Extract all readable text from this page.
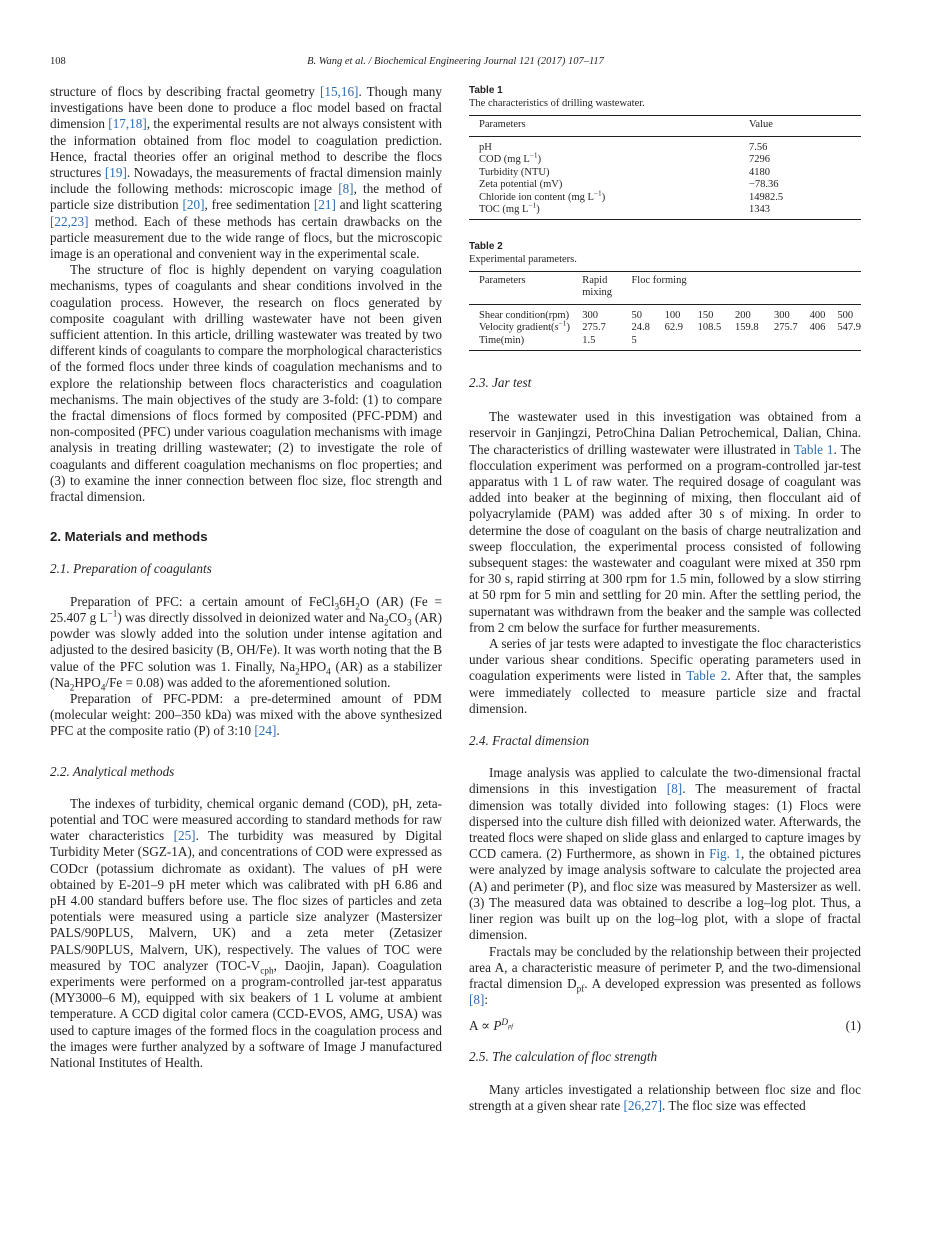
108	B. Wang et al. / Biochemical Engineering Journal 121 (2017) 107–117

structure of flocs by describing fractal geometry [15,16]. Though many investigations have been done to produce a floc model based on fractal dimension [17,18], the experimental results are not always consistent with the information obtained from floc model to coagulation prediction. Hence, fractal theories offer an original method to describe the flocs structures [19]. Nowadays, the measurements of fractal dimension mainly include the following methods: microscopic image [8], the method of particle size distribution [20], free sedimentation [21] and light scattering [22,23] method. Each of these methods has certain drawbacks on the particle measurement due to the wide range of flocs, but the microscopic image is an operational and convenient way in the experimental scale.

The structure of floc is highly dependent on varying coagulation mechanisms, types of coagulants and shear conditions involved in the coagulation process. However, the research on flocs generated by composite coagulant with drilling wastewater have not been given sufficient attention. In this article, drilling wastewater was treated by two different kinds of coagulants to compare the morphological characteristics of the formed flocs under three kinds of coagulation mechanisms and to explore the relationship between flocs characteristics and coagulation mechanisms. The main objectives of the study are 3-fold: (1) to compare the fractal dimensions of flocs formed by composited (PFC-PDM) and non-composited (PFC) under various coagulation mechanisms with image analysis in treating drilling wastewater; (2) to investigate the role of coagulants and different coagulation mechanisms on floc properties; and (3) to examine the inner connection between floc size, floc strength and fractal dimension.

2. Materials and methods
2.1. Preparation of coagulants

Preparation of PFC: a certain amount of $FeCl_36H_2O$ (AR) (Fe = 25.407 g $L^{-1}$) was directly dissolved in deionized water and $Na_2CO_3$ (AR) powder was slowly added into the solution under intense agitation and adjusted to the desired basicity (B, OH/Fe). It was worth noting that the B value of the PFC solution was 1. Finally, $Na_2HPO_4$ (AR) as a stabilizer $(Na_2HPO_4/Fe = 0.08)$ was added to the aforementioned solution.

Preparation of PFC-PDM: a pre-determined amount of PDM (molecular weight: 200–350 kDa) was mixed with the above synthesized PFC at the composite ratio (P) of 3:10 [24].

2.2. Analytical methods

The indexes of turbidity, chemical organic demand (COD), pH, zeta-potential and TOC were measured according to standard methods for raw water characteristics [25]. The turbidity was measured by Digital Turbidity Meter (SGZ-1A), and concentrations of COD were expressed as CODcr (potassium dichromate as oxidant). The values of pH were obtained by E-201–9 pH meter which was calibrated with pH 6.86 and pH 4.00 standard buffers before use. The floc sizes of particles and zeta potentials were measured using a particle size analyzer (Mastersizer PALS/90PLUS, Malvern, UK) and a zeta meter (Zetasizer PALS/90PLUS, Malvern, UK), respectively. The values of TOC were measured by TOC analyzer ($TOC-V_{cph}$, Daojin, Japan). Coagulation experiments were performed on a program-controlled jar-test apparatus (MY3000–6 M), equipped with six beakers of 1 L volume at ambient temperature. A CCD digital color camera (CCD-EVOS, AMG, USA) was used to capture images of the formed flocs in the coagulation process and the images were further analyzed by a software of Image J manufactured National Institutes of Health.

Table 1
The characteristics of drilling wastewater.
Parameters	Value
pH	7.56
COD (mg $L^{-1}$)	7296
Turbidity (NTU)	4180
Zeta potential (mV)	−78.36
Chloride ion content (mg $L^{-1}$)	14982.5
TOC (mg $L^{-1}$)	1343
Table 2
Experimental parameters.
Parameters	Rapid mixing	Floc forming						
Shear condition(rpm)	300	50	100	150	200	300	400	500
Velocity $gradient(s^{-1})$	275.7	24.8	62.9	108.5	159.8	275.7	406	547.9
Time(min)	1.5	5						
2.3. Jar test

The wastewater used in this investigation was obtained from a reservoir in Ganjingzi, PetroChina Dalian Petrochemical, Dalian, China. The characteristics of drilling wastewater were illustrated in Table 1. The flocculation experiment was performed on a program-controlled jar-test apparatus with 1 L of raw water. The required dosage of coagulant was added into beaker at the beginning of mixing, then flocculant aid of polyacrylamide (PAM) was added after 30 s of mixing. In order to determine the dose of coagulant on the basis of charge neutralization and sweep flocculation, the experimental process consisted of following subsequent stages: the wastewater and coagulant were mixed at 350 rpm for 30 s, rapid stirring at 300 rpm for 1.5 min, followed by a slow stirring at 50 rpm for 5 min and settling for 20 min. After the settling period, the supernatant was withdrawn from the beaker and the sample was collected from 2 cm below the surface for further measurements.

A series of jar tests were adapted to investigate the floc characteristics under various shear conditions. Specific operating parameters used in coagulation experiments were listed in Table 2. After that, the samples were immediately collected to measure particle size and fractal dimension.

2.4. Fractal dimension

Image analysis was applied to calculate the two-dimensional fractal dimensions in this investigation [8]. The measurement of fractal dimension was totally divided into following stages: (1) Flocs were dispersed into the culture dish filled with deionized water. Afterwards, the treated flocs were shaped on slide glass and enlarged to capture images by CCD camera. (2) Furthermore, as shown in Fig. 1, the obtained pictures were analyzed by image analysis software to calculate the projected area (A) and perimeter (P), and floc size was measured by Mastersizer as well. (3) The measured data was obtained to describe a log–log plot. Thus, a liner region was built up on the log–log plot, with a slope of fractal dimension.

Fractals may be concluded by the relationship between their projected area A, a characteristic measure of perimeter P, and the two-dimensional fractal dimension $D_{pf}$. A developed expression was presented as follows [8]:

$A \propto P^{D_{pf}}$	(1)
2.5. The calculation of floc strength

Many articles investigated a relationship between floc size and floc strength at a given shear rate [26,27]. The floc size was effected
